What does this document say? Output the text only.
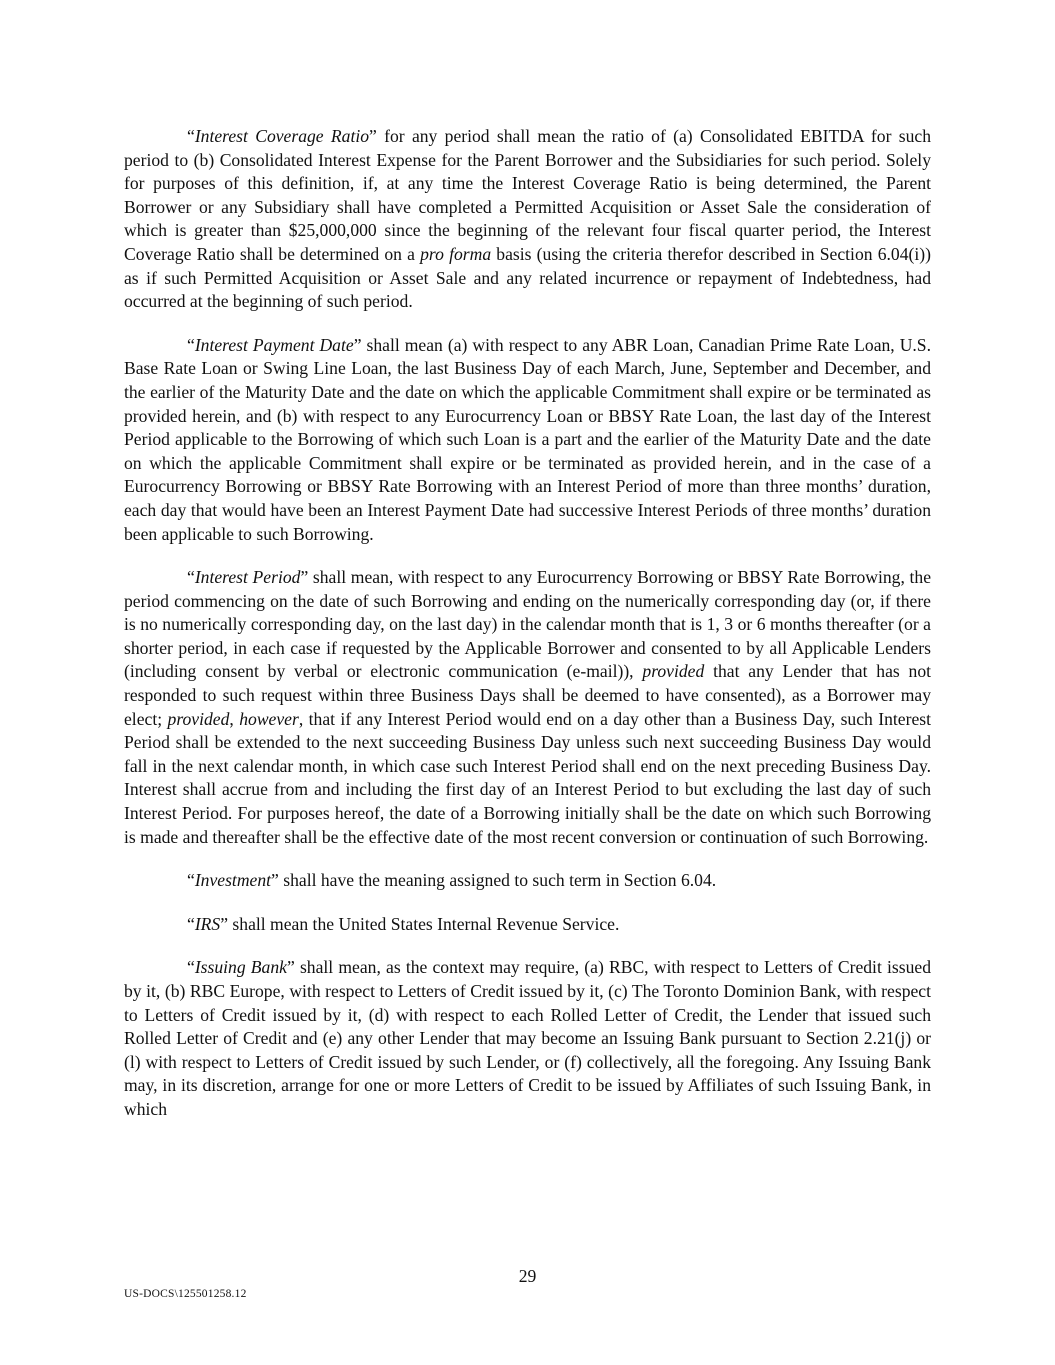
“Interest Coverage Ratio” for any period shall mean the ratio of (a) Consolidated EBITDA for such period to (b) Consolidated Interest Expense for the Parent Borrower and the Subsidiaries for such period. Solely for purposes of this definition, if, at any time the Interest Coverage Ratio is being determined, the Parent Borrower or any Subsidiary shall have completed a Permitted Acquisition or Asset Sale the consideration of which is greater than $25,000,000 since the beginning of the relevant four fiscal quarter period, the Interest Coverage Ratio shall be determined on a pro forma basis (using the criteria therefor described in Section 6.04(i)) as if such Permitted Acquisition or Asset Sale and any related incurrence or repayment of Indebtedness, had occurred at the beginning of such period.

“Interest Payment Date” shall mean (a) with respect to any ABR Loan, Canadian Prime Rate Loan, U.S. Base Rate Loan or Swing Line Loan, the last Business Day of each March, June, September and December, and the earlier of the Maturity Date and the date on which the applicable Commitment shall expire or be terminated as provided herein, and (b) with respect to any Eurocurrency Loan or BBSY Rate Loan, the last day of the Interest Period applicable to the Borrowing of which such Loan is a part and the earlier of the Maturity Date and the date on which the applicable Commitment shall expire or be terminated as provided herein, and in the case of a Eurocurrency Borrowing or BBSY Rate Borrowing with an Interest Period of more than three months’ duration, each day that would have been an Interest Payment Date had successive Interest Periods of three months’ duration been applicable to such Borrowing.

“Interest Period” shall mean, with respect to any Eurocurrency Borrowing or BBSY Rate Borrowing, the period commencing on the date of such Borrowing and ending on the numerically corresponding day (or, if there is no numerically corresponding day, on the last day) in the calendar month that is 1, 3 or 6 months thereafter (or a shorter period, in each case if requested by the Applicable Borrower and consented to by all Applicable Lenders (including consent by verbal or electronic communication (e-mail)), provided that any Lender that has not responded to such request within three Business Days shall be deemed to have consented), as a Borrower may elect; provided, however, that if any Interest Period would end on a day other than a Business Day, such Interest Period shall be extended to the next succeeding Business Day unless such next succeeding Business Day would fall in the next calendar month, in which case such Interest Period shall end on the next preceding Business Day. Interest shall accrue from and including the first day of an Interest Period to but excluding the last day of such Interest Period. For purposes hereof, the date of a Borrowing initially shall be the date on which such Borrowing is made and thereafter shall be the effective date of the most recent conversion or continuation of such Borrowing.

“Investment” shall have the meaning assigned to such term in Section 6.04.

“IRS” shall mean the United States Internal Revenue Service.

“Issuing Bank” shall mean, as the context may require, (a) RBC, with respect to Letters of Credit issued by it, (b) RBC Europe, with respect to Letters of Credit issued by it, (c) The Toronto Dominion Bank, with respect to Letters of Credit issued by it, (d) with respect to each Rolled Letter of Credit, the Lender that issued such Rolled Letter of Credit and (e) any other Lender that may become an Issuing Bank pursuant to Section 2.21(j) or (l) with respect to Letters of Credit issued by such Lender, or (f) collectively, all the foregoing. Any Issuing Bank may, in its discretion, arrange for one or more Letters of Credit to be issued by Affiliates of such Issuing Bank, in which

29
US-DOCS\125501258.12
